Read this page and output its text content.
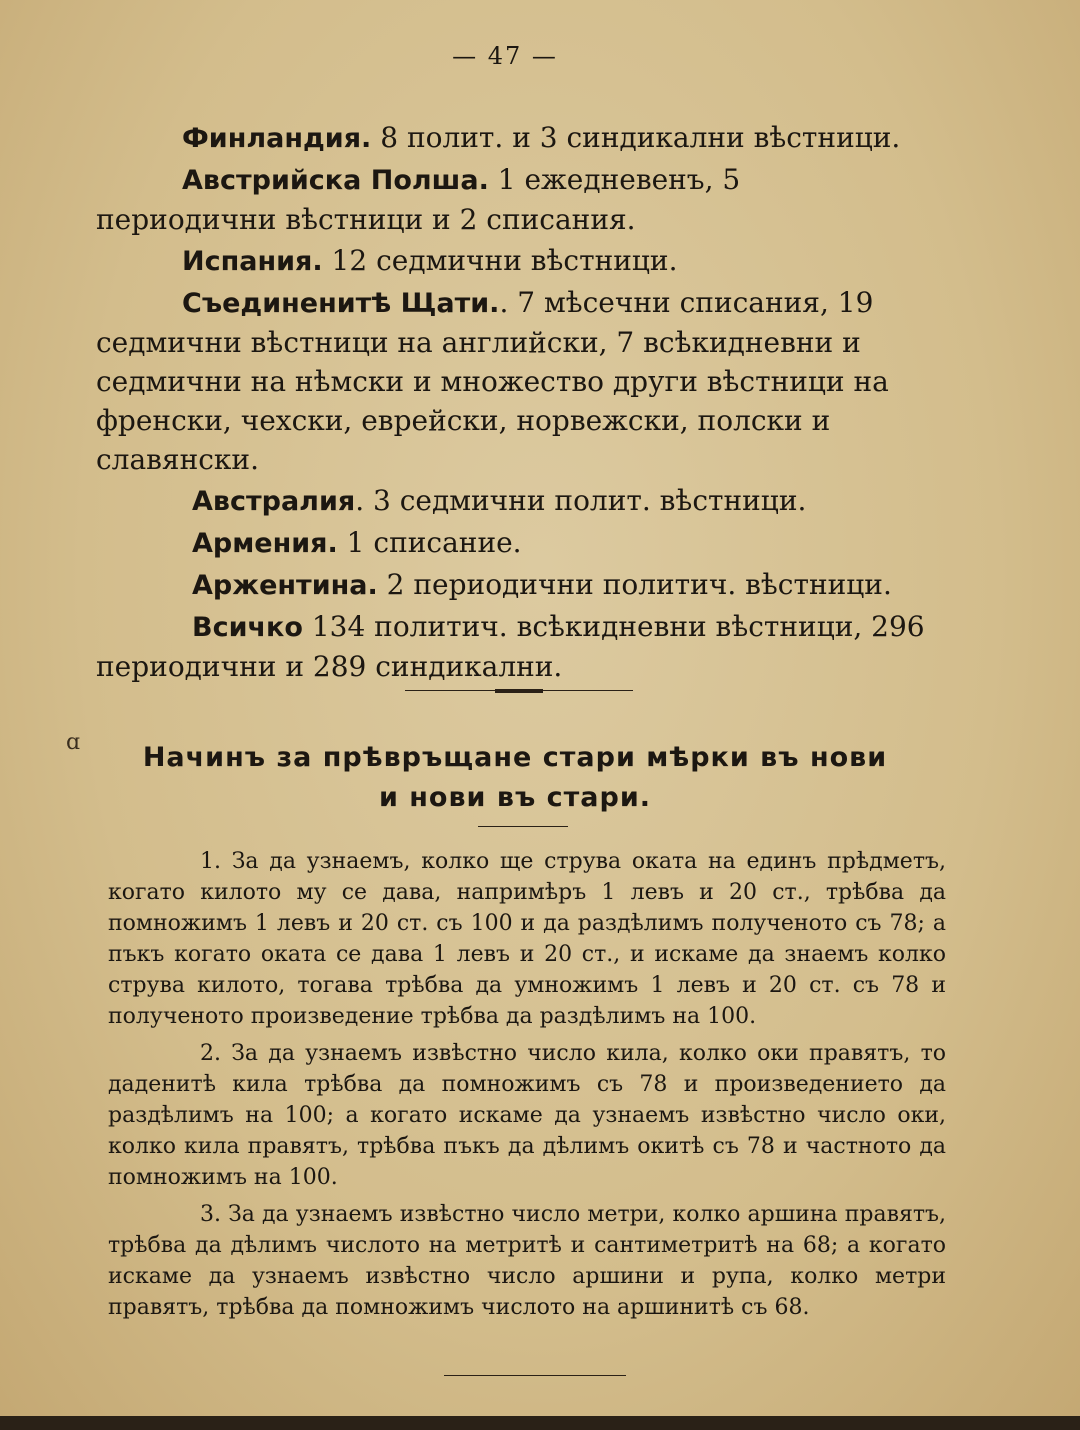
— 47 —

Финландия. 8 полит. и 3 синдикални вѣстници.

Австрийска Полша. 1 ежедневенъ, 5 периодични вѣстници и 2 списания.

Испания. 12 седмични вѣстници.

Съединенитѣ Щати.. 7 мѣсечни списания, 19 седмични вѣстници на английски, 7 всѣкидневни и седмични на нѣмски и множество други вѣстници на френски, чехски, еврейски, норвежски, полски и славянски.

Австралия. 3 седмични полит. вѣстници.

Армения. 1 списание.

Аржентина. 2 периодични политич. вѣстници.

Всичко 134 политич. всѣкидневни вѣстници, 296 периодични и 289 синдикални.

ɑ	Начинъ за прѣвръщане стари мѣрки въ нови
и нови въ стари.

1. За да узнаемъ, колко ще струва оката на единъ прѣдметъ, когато килото му се дава, напримѣръ 1 левъ и 20 ст., трѣбва да помножимъ 1 левъ и 20 ст. съ 100 и да раздѣлимъ полученото съ 78; а пъкъ когато оката се дава 1 левъ и 20 ст., и искаме да знаемъ колко струва килото, тогава трѣбва да умножимъ 1 левъ и 20 ст. съ 78 и полученото произведение трѣбва да раздѣлимъ на 100.

2. За да узнаемъ извѣстно число кила, колко оки правятъ, то даденитѣ кила трѣбва да помножимъ съ 78 и произведението да раздѣлимъ на 100; а когато искаме да узнаемъ извѣстно число оки, колко кила правятъ, трѣбва пъкъ да дѣлимъ окитѣ съ 78 и частното да помножимъ на 100.

3. За да узнаемъ извѣстно число метри, колко аршина правятъ, трѣбва да дѣлимъ числото на метритѣ и сантиметритѣ на 68; а когато искаме да узнаемъ извѣстно число аршини и рупа, колко метри правятъ, трѣбва да помножимъ числото на аршинитѣ съ 68.
